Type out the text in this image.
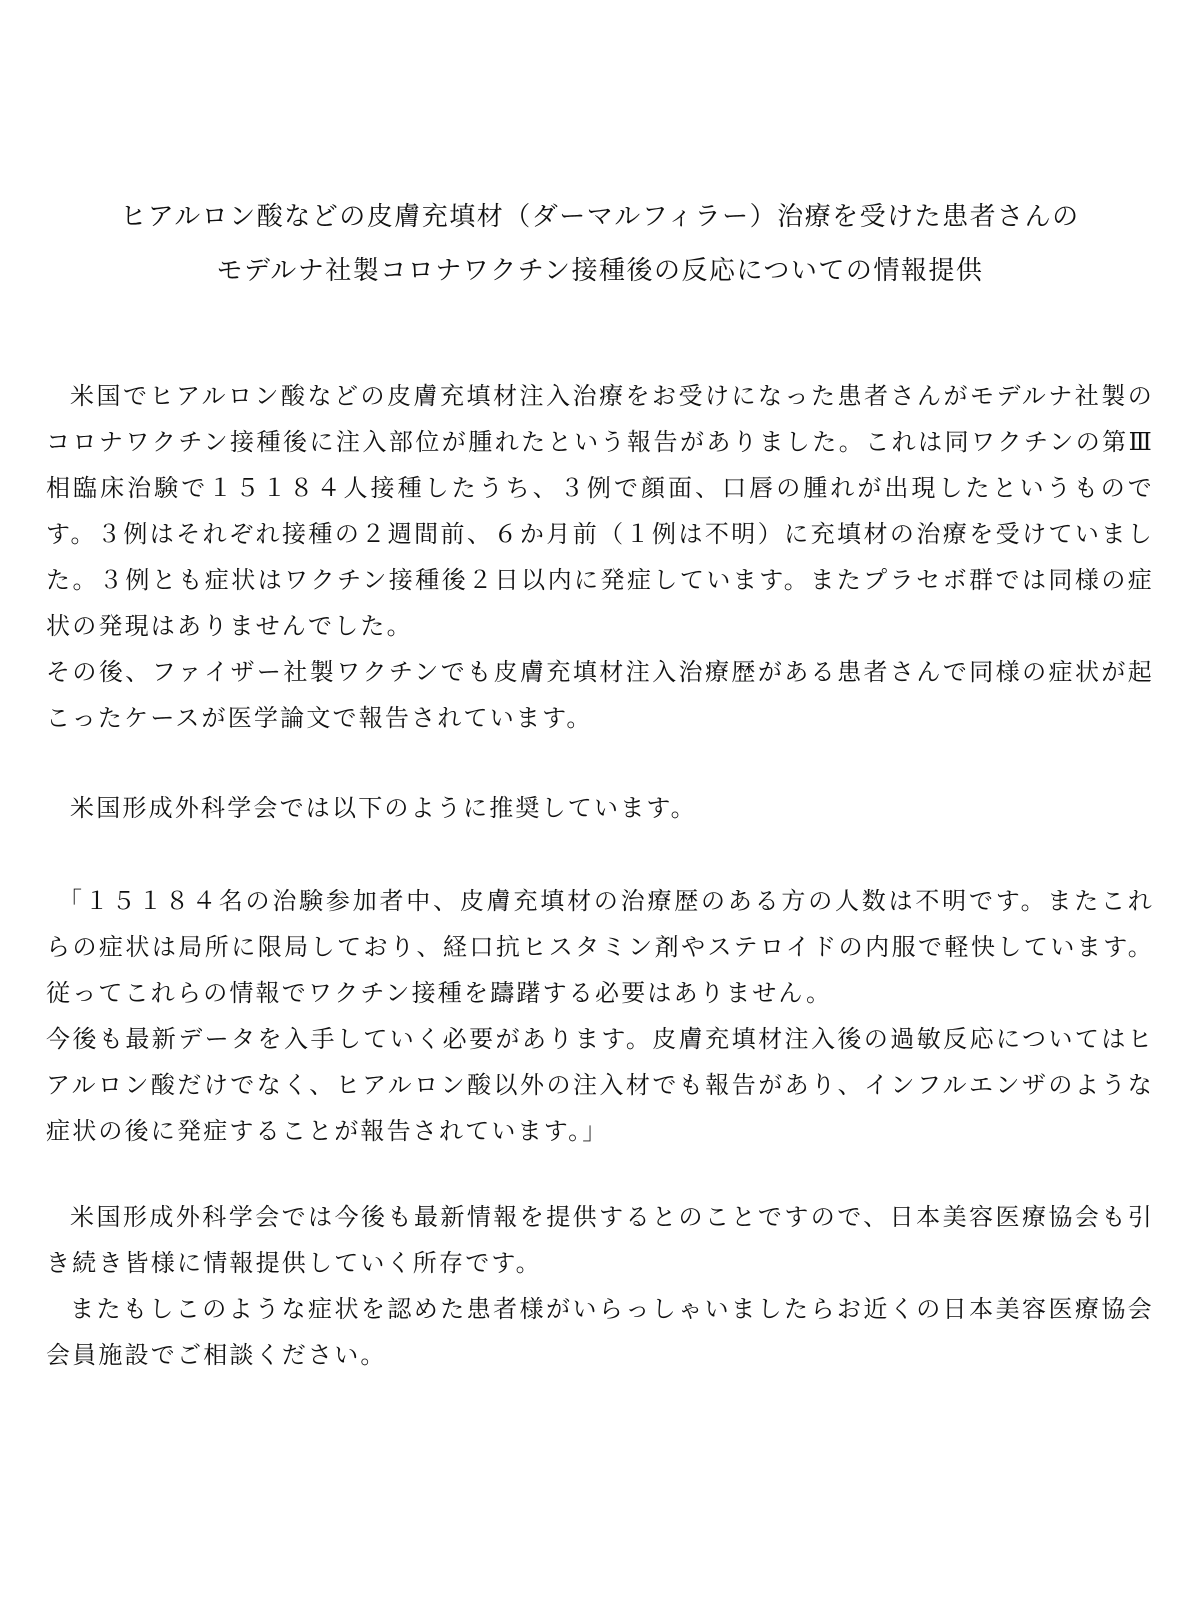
ヒアルロン酸などの皮膚充填材（ダーマルフィラー）治療を受けた患者さんの
モデルナ社製コロナワクチン接種後の反応についての情報提供

米国でヒアルロン酸などの皮膚充填材注入治療をお受けになった患者さんがモデルナ社製のコロナワクチン接種後に注入部位が腫れたという報告がありました。これは同ワクチンの第Ⅲ相臨床治験で１５１８４人接種したうち、３例で顔面、口唇の腫れが出現したというものです。３例はそれぞれ接種の２週間前、６か月前（１例は不明）に充填材の治療を受けていました。３例とも症状はワクチン接種後２日以内に発症しています。またプラセボ群では同様の症状の発現はありませんでした。

その後、ファイザー社製ワクチンでも皮膚充填材注入治療歴がある患者さんで同様の症状が起こったケースが医学論文で報告されています。

米国形成外科学会では以下のように推奨しています。

「１５１８４名の治験参加者中、皮膚充填材の治療歴のある方の人数は不明です。またこれらの症状は局所に限局しており、経口抗ヒスタミン剤やステロイドの内服で軽快しています。従ってこれらの情報でワクチン接種を躊躇する必要はありません。

今後も最新データを入手していく必要があります。皮膚充填材注入後の過敏反応についてはヒアルロン酸だけでなく、ヒアルロン酸以外の注入材でも報告があり、インフルエンザのような症状の後に発症することが報告されています。」

米国形成外科学会では今後も最新情報を提供するとのことですので、日本美容医療協会も引き続き皆様に情報提供していく所存です。

またもしこのような症状を認めた患者様がいらっしゃいましたらお近くの日本美容医療協会会員施設でご相談ください。
